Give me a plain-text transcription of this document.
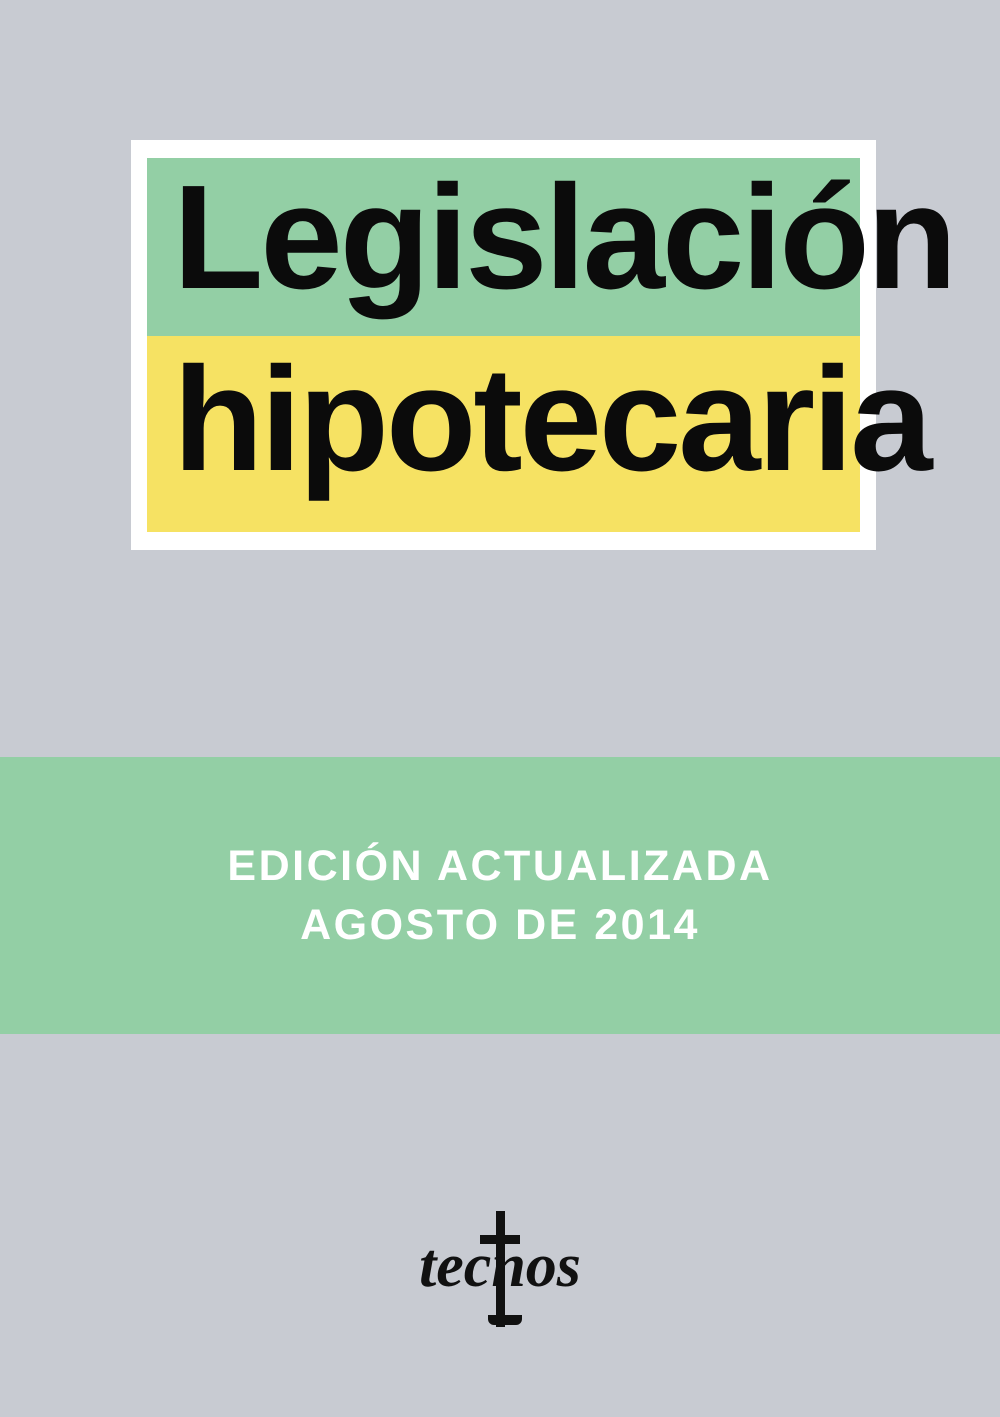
Legislación
hipotecaria
EDICIÓN ACTUALIZADA
AGOSTO DE 2014
tecnos
